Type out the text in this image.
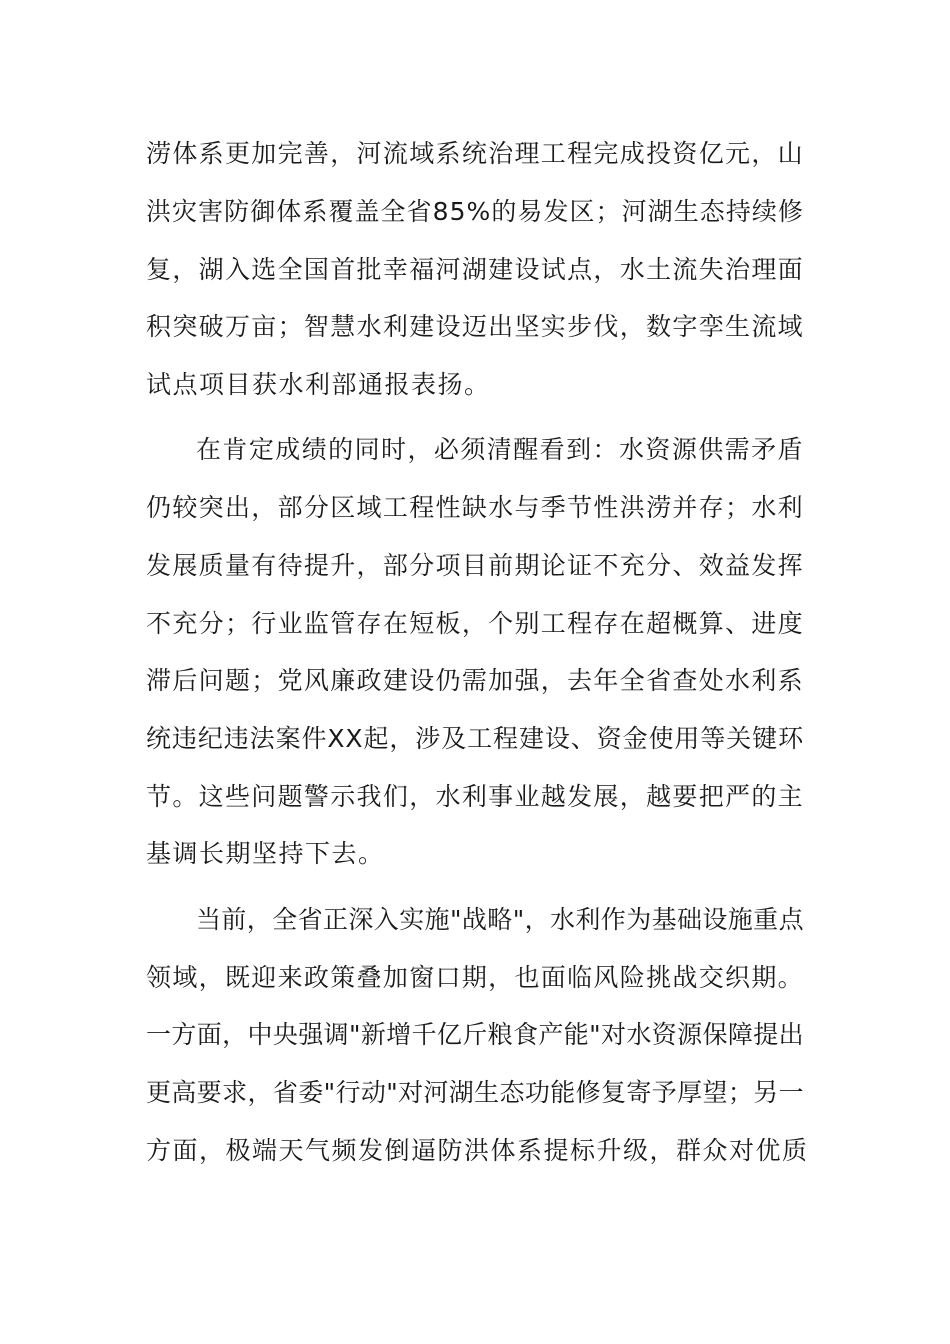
涝体系更加完善，河流域系统治理工程完成投资亿元，山
洪灾害防御体系覆盖全省85%的易发区；河湖生态持续修
复，湖入选全国首批幸福河湖建设试点，水土流失治理面
积突破万亩；智慧水利建设迈出坚实步伐，数字孪生流域
试点项目获水利部通报表扬。
在肯定成绩的同时，必须清醒看到：水资源供需矛盾
仍较突出，部分区域工程性缺水与季节性洪涝并存；水利
发展质量有待提升，部分项目前期论证不充分、效益发挥
不充分；行业监管存在短板，个别工程存在超概算、进度
滞后问题；党风廉政建设仍需加强，去年全省查处水利系
统违纪违法案件XX起，涉及工程建设、资金使用等关键环
节。这些问题警示我们，水利事业越发展，越要把严的主
基调长期坚持下去。
当前，全省正深入实施"战略"，水利作为基础设施重点
领域，既迎来政策叠加窗口期，也面临风险挑战交织期。
一方面，中央强调"新增千亿斤粮食产能"对水资源保障提出
更高要求，省委"行动"对河湖生态功能修复寄予厚望；另一
方面，极端天气频发倒逼防洪体系提标升级，群众对优质
